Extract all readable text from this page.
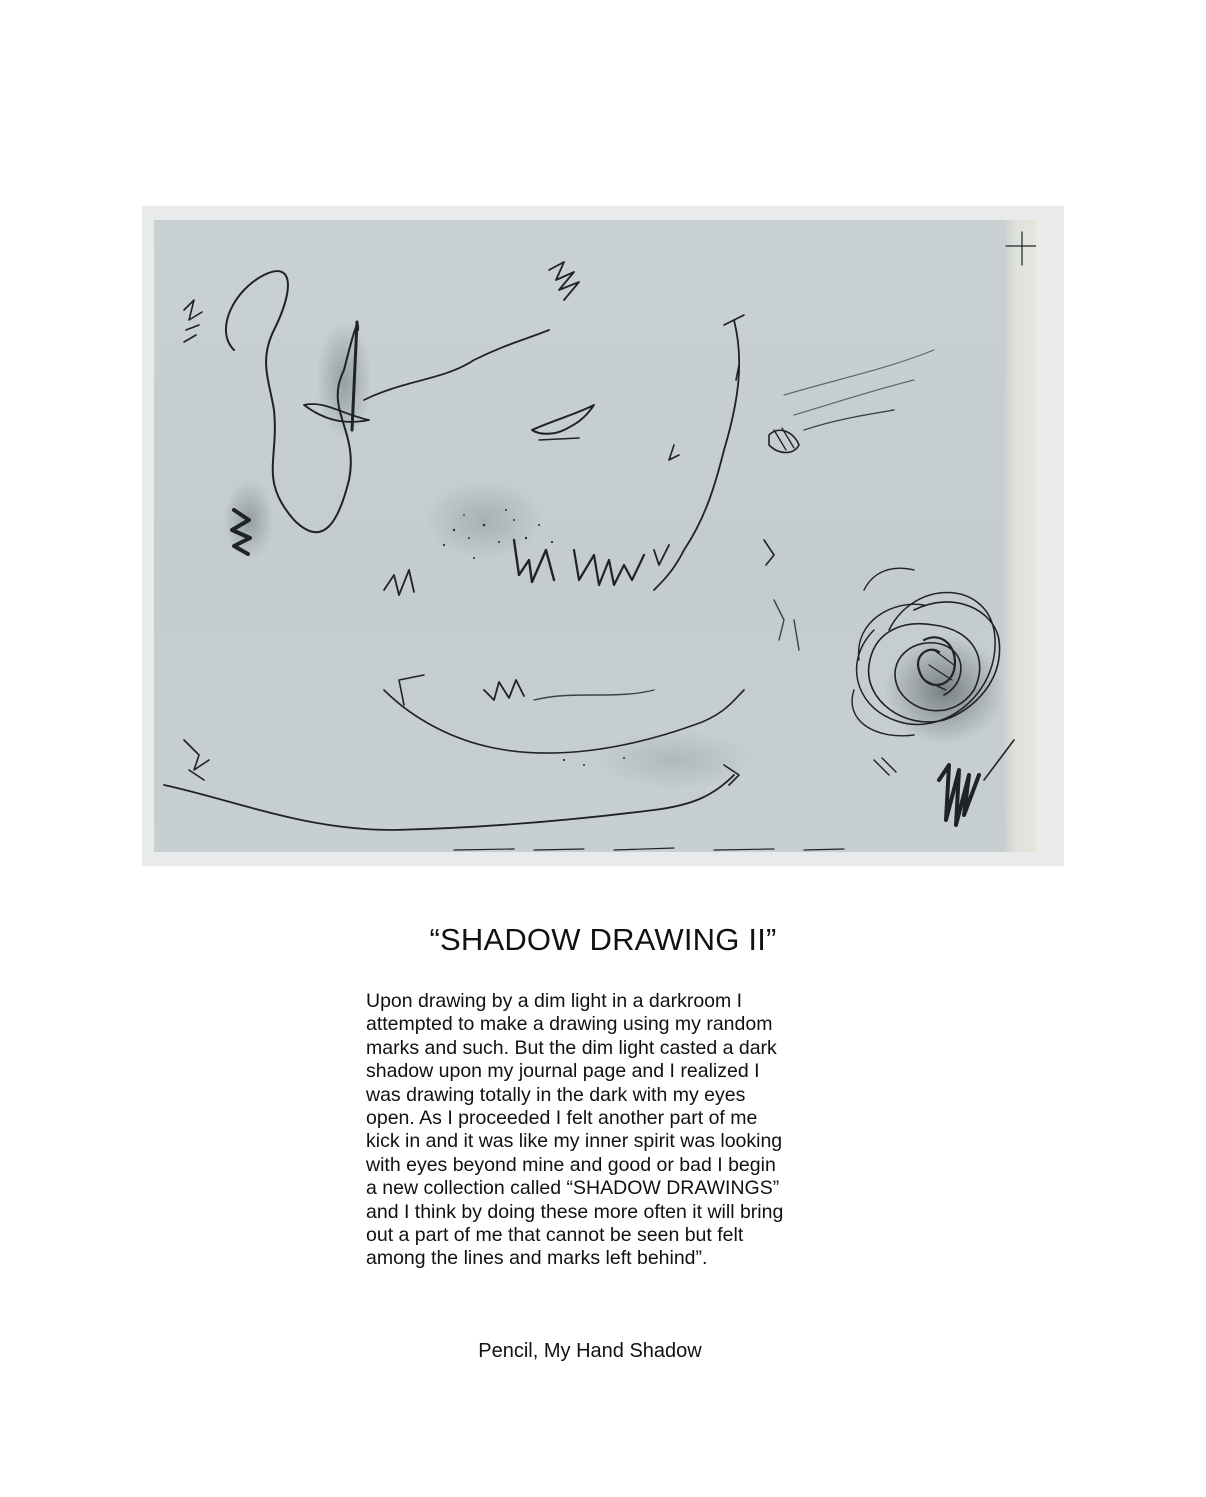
“SHADOW DRAWING II”
Upon drawing by a dim light in a darkroom I
attempted to make a drawing using my random
marks and such. But the dim light casted a dark
shadow upon my journal page and I realized I
was drawing totally in the dark with my eyes
open. As I proceeded I felt another part of me
kick in and it was like my inner spirit was looking
with eyes beyond mine and good or bad I begin
a new collection called “SHADOW DRAWINGS”
and I think by doing these more often it will bring
out a part of me that cannot be seen but felt
among the lines and marks left behind”.

Pencil, My Hand Shadow
